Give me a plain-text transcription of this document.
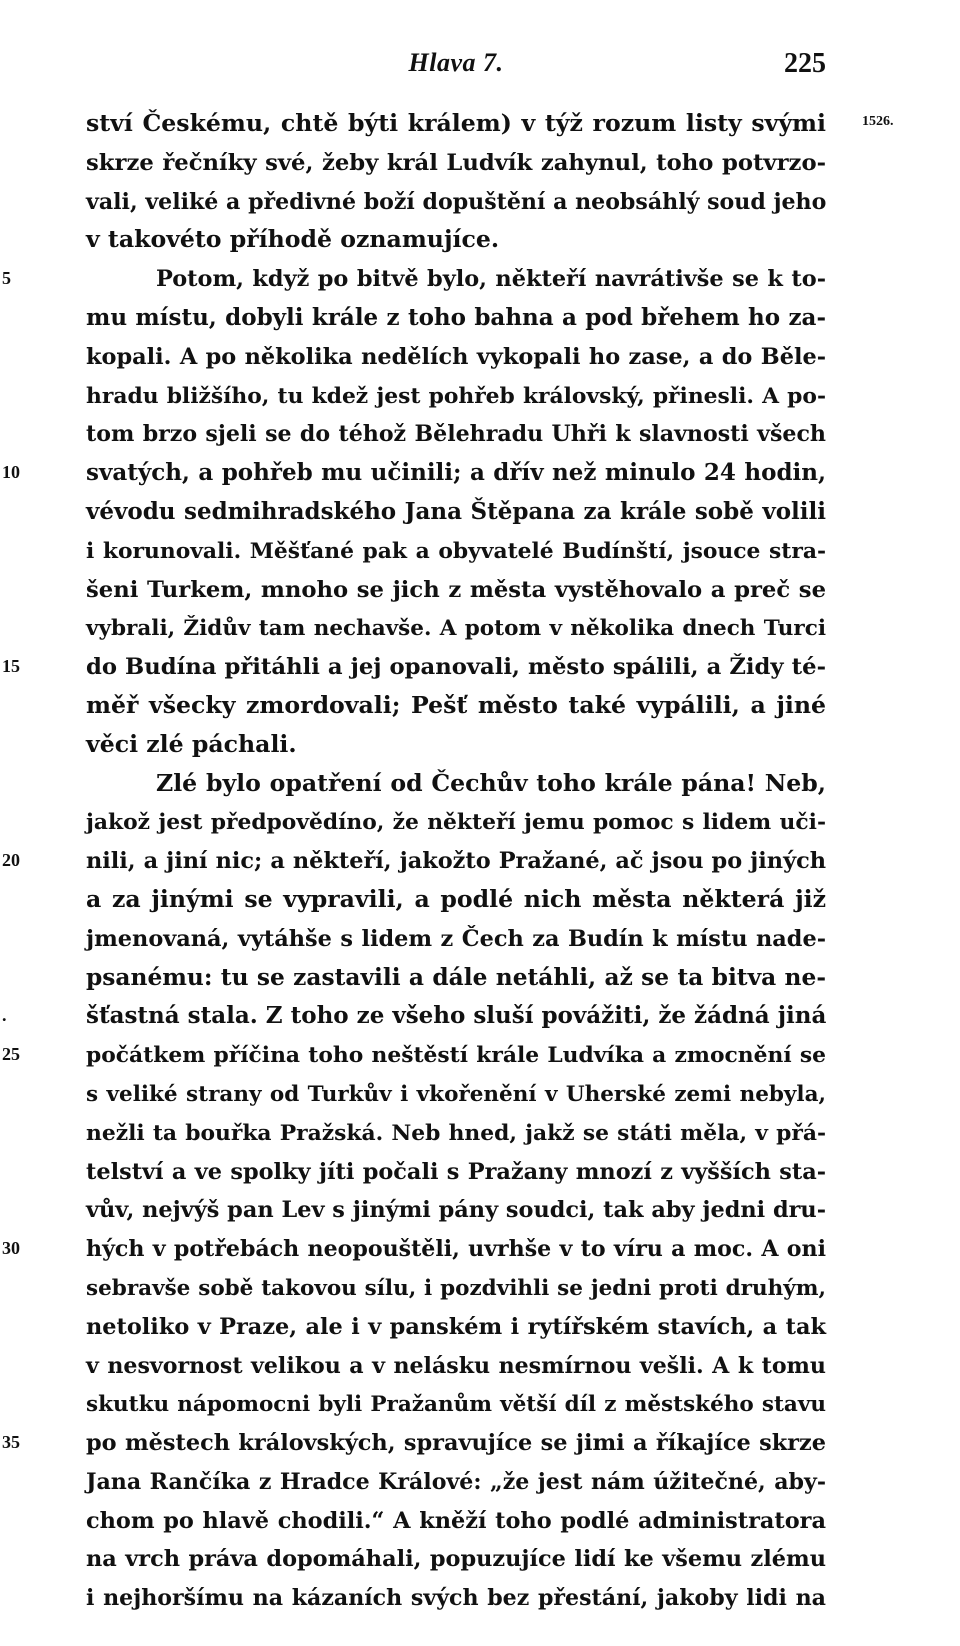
Hlava 7.	225
1526.
ství Českému, chtě býti králem) v týž rozum listy svými
skrze řečníky své, žeby král Ludvík zahynul, toho potvrzo-
vali, veliké a předivné boží dopuštění a neobsáhlý soud jeho
v takovéto příhodě oznamujíce.
5	Potom, když po bitvě bylo, někteří navrátivše se k to-
mu místu, dobyli krále z toho bahna a pod břehem ho za-
kopali. A po několika nedělích vykopali ho zase, a do Běle-
hradu bližšího, tu kdež jest pohřeb královský, přinesli. A po-
tom brzo sjeli se do téhož Bělehradu Uhři k slavnosti všech
10	svatých, a pohřeb mu učinili; a dřív než minulo 24 hodin,
vévodu sedmihradského Jana Štěpana za krále sobě volili
i korunovali. Měšťané pak a obyvatelé Budínští, jsouce stra-
šeni Turkem, mnoho se jich z města vystěhovalo a preč se
vybrali, Židův tam nechavše. A potom v několika dnech Turci
15	do Budína přitáhli a jej opanovali, město spálili, a Židy té-
měř všecky zmordovali; Pešť město také vypálili, a jiné
věci zlé páchali.
Zlé bylo opatření od Čechův toho krále pána! Neb,
jakož jest předpovědíno, že někteří jemu pomoc s lidem uči-
20	nili, a jiní nic; a někteří, jakožto Pražané, ač jsou po jiných
a za jinými se vypravili, a podlé nich města některá již
jmenovaná, vytáhše s lidem z Čech za Budín k místu nade-
psanému: tu se zastavili a dále netáhli, až se ta bitva ne-
.	šťastná stala. Z toho ze všeho sluší povážiti, že žádná jiná
25	počátkem příčina toho neštěstí krále Ludvíka a zmocnění se
s veliké strany od Turkův i vkořenění v Uherské zemi nebyla,
nežli ta bouřka Pražská. Neb hned, jakž se státi měla, v přá-
telství a ve spolky jíti počali s Pražany mnozí z vyšších sta-
vův, nejvýš pan Lev s jinými pány soudci, tak aby jedni dru-
30	hých v potřebách neopouštěli, uvrhše v to víru a moc. A oni
sebravše sobě takovou sílu, i pozdvihli se jedni proti druhým,
netoliko v Praze, ale i v panském i rytířském stavích, a tak
v nesvornost velikou a v nelásku nesmírnou vešli. A k tomu
skutku nápomocni byli Pražanům větší díl z městského stavu
35	po městech královských, spravujíce se jimi a říkajíce skrze
Jana Rančíka z Hradce Králové: „že jest nám úžitečné, aby-
chom po hlavě chodili.“ A kněží toho podlé administratora
na vrch práva dopomáhali, popuzujíce lidí ke všemu zlému
i nejhoršímu na kázaních svých bez přestání, jakoby lidi na
